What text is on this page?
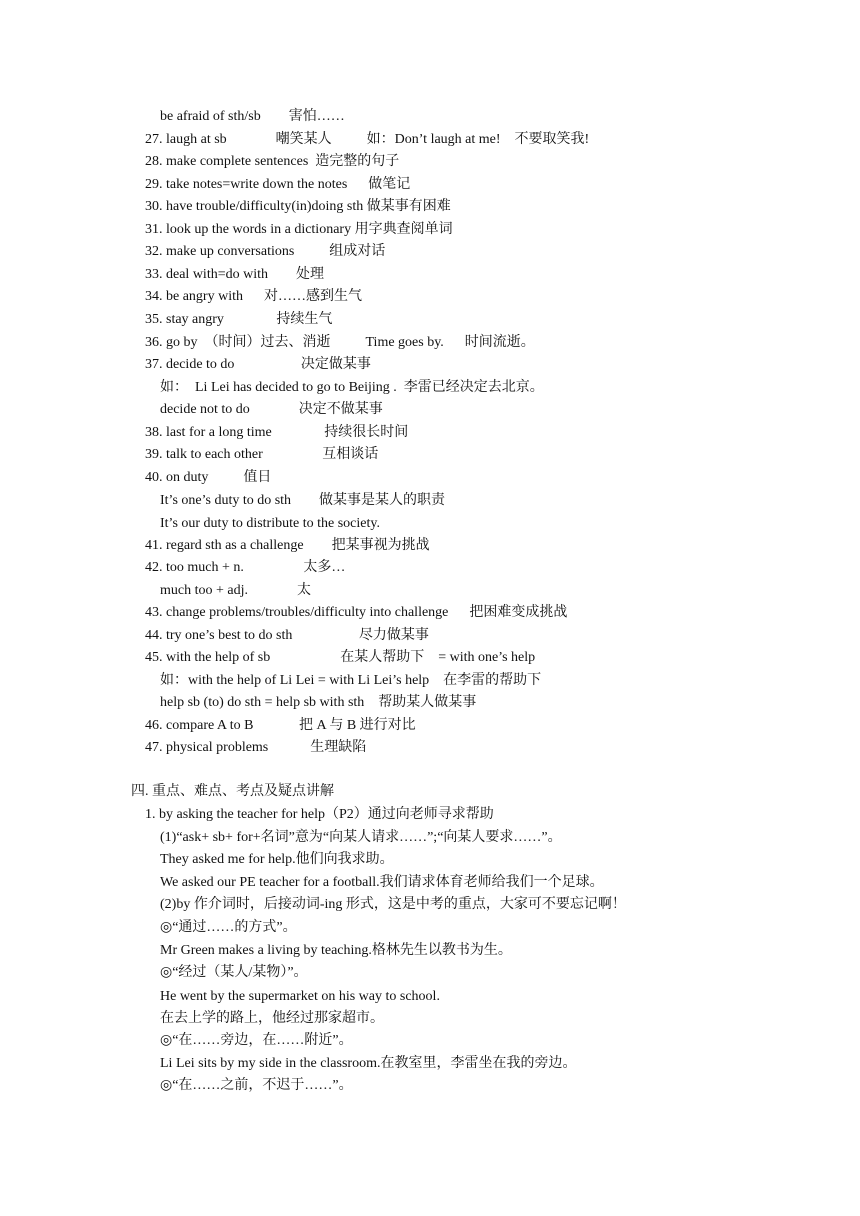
be afraid of sth/sb        害怕……
27. laugh at sb              嘲笑某人          如：Don’t laugh at me!    不要取笑我!
28. make complete sentences  造完整的句子
29. take notes=write down the notes      做笔记
30. have trouble/difficulty(in)doing sth 做某事有困难
31. look up the words in a dictionary 用字典查阅单词
32. make up conversations          组成对话
33. deal with=do with        处理
34. be angry with      对……感到生气
35. stay angry               持续生气
36. go by  （时间）过去、消逝          Time goes by.      时间流逝。
37. decide to do                   决定做某事
如：  Li Lei has decided to go to Beijing .  李雷已经决定去北京。
decide not to do              决定不做某事
38. last for a long time               持续很长时间
39. talk to each other                 互相谈话
40. on duty          值日
It’s one’s duty to do sth        做某事是某人的职责
It’s our duty to distribute to the society.
41. regard sth as a challenge        把某事视为挑战
42. too much + n.                 太多…
much too + adj.              太
43. change problems/troubles/difficulty into challenge      把困难变成挑战
44. try one’s best to do sth                   尽力做某事
45. with the help of sb                    在某人帮助下    = with one’s help
如：with the help of Li Lei = with Li Lei’s help    在李雷的帮助下
help sb (to) do sth = help sb with sth    帮助某人做某事
46. compare A to B             把 A 与 B 进行对比
47. physical problems            生理缺陷
四. 重点、难点、考点及疑点讲解
1. by asking the teacher for help（P2）通过向老师寻求帮助
(1)“ask+ sb+ for+名词”意为“向某人请求……”;“向某人要求……”。
They asked me for help.他们向我求助。
We asked our PE teacher for a football.我们请求体育老师给我们一个足球。
(2)by 作介词时，后接动词-ing 形式，这是中考的重点，大家可不要忘记啊！
◎“通过……的方式”。
Mr Green makes a living by teaching.格林先生以教书为生。
◎“经过（某人/某物）”。
He went by the supermarket on his way to school.
在去上学的路上，他经过那家超市。
◎“在……旁边，在……附近”。
Li Lei sits by my side in the classroom.在教室里，李雷坐在我的旁边。
◎“在……之前，不迟于……”。
